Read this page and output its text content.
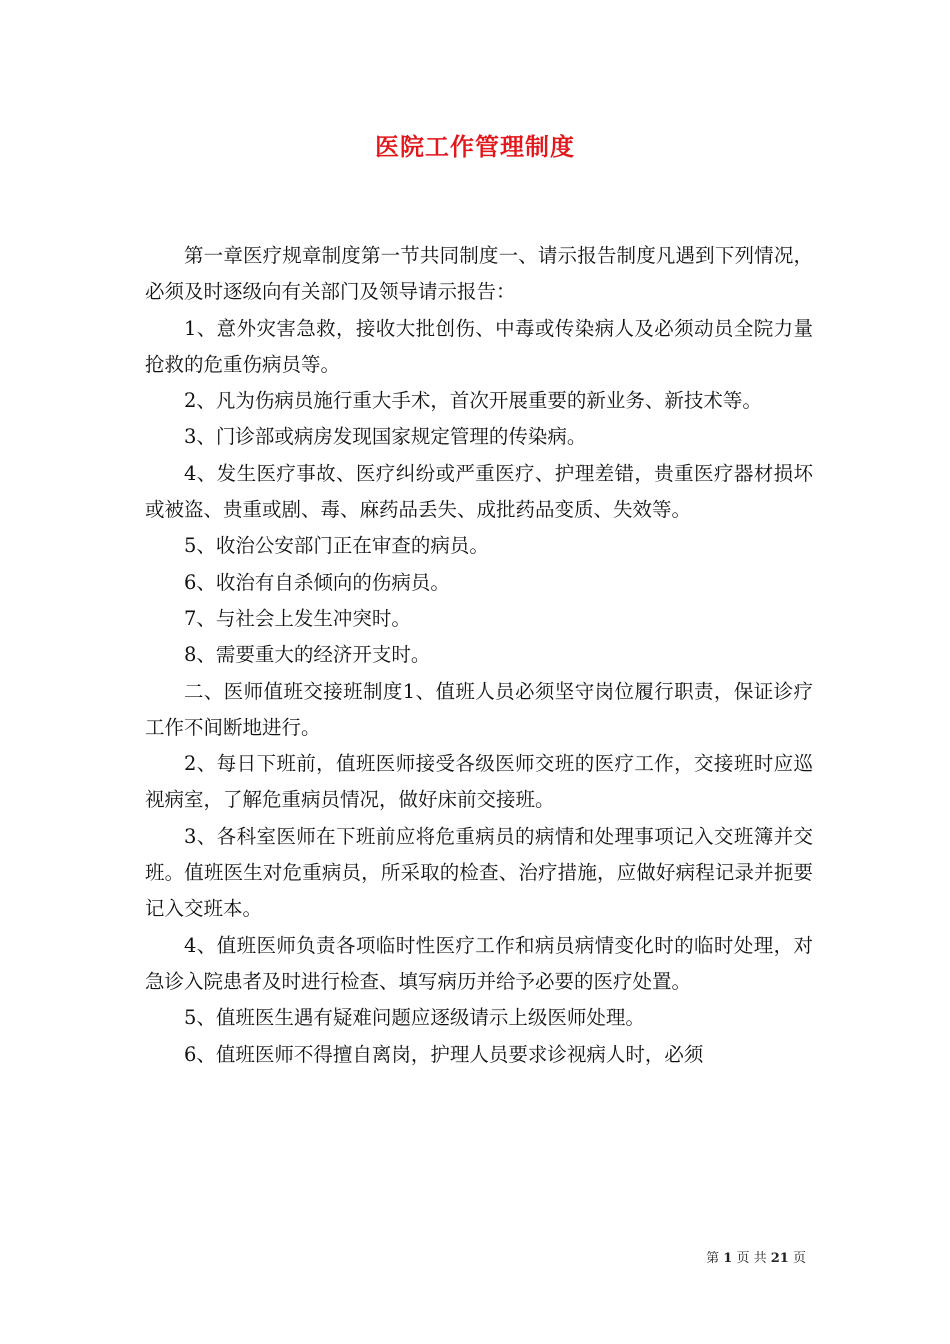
医院工作管理制度

第一章医疗规章制度第一节共同制度一、请示报告制度凡遇到下列情况，必须及时逐级向有关部门及领导请示报告：

1、意外灾害急救，接收大批创伤、中毒或传染病人及必须动员全院力量抢救的危重伤病员等。

2、凡为伤病员施行重大手术，首次开展重要的新业务、新技术等。

3、门诊部或病房发现国家规定管理的传染病。

4、发生医疗事故、医疗纠纷或严重医疗、护理差错，贵重医疗器材损坏或被盗、贵重或剧、毒、麻药品丢失、成批药品变质、失效等。

5、收治公安部门正在审查的病员。

6、收治有自杀倾向的伤病员。

7、与社会上发生冲突时。

8、需要重大的经济开支时。

二、医师值班交接班制度1、值班人员必须坚守岗位履行职责，保证诊疗工作不间断地进行。

2、每日下班前，值班医师接受各级医师交班的医疗工作，交接班时应巡视病室，了解危重病员情况，做好床前交接班。

3、各科室医师在下班前应将危重病员的病情和处理事项记入交班簿并交班。值班医生对危重病员，所采取的检查、治疗措施，应做好病程记录并扼要记入交班本。

4、值班医师负责各项临时性医疗工作和病员病情变化时的临时处理，对急诊入院患者及时进行检查、填写病历并给予必要的医疗处置。

5、值班医生遇有疑难问题应逐级请示上级医师处理。

6、值班医师不得擅自离岗，护理人员要求诊视病人时，必须

第 1 页 共 21 页
